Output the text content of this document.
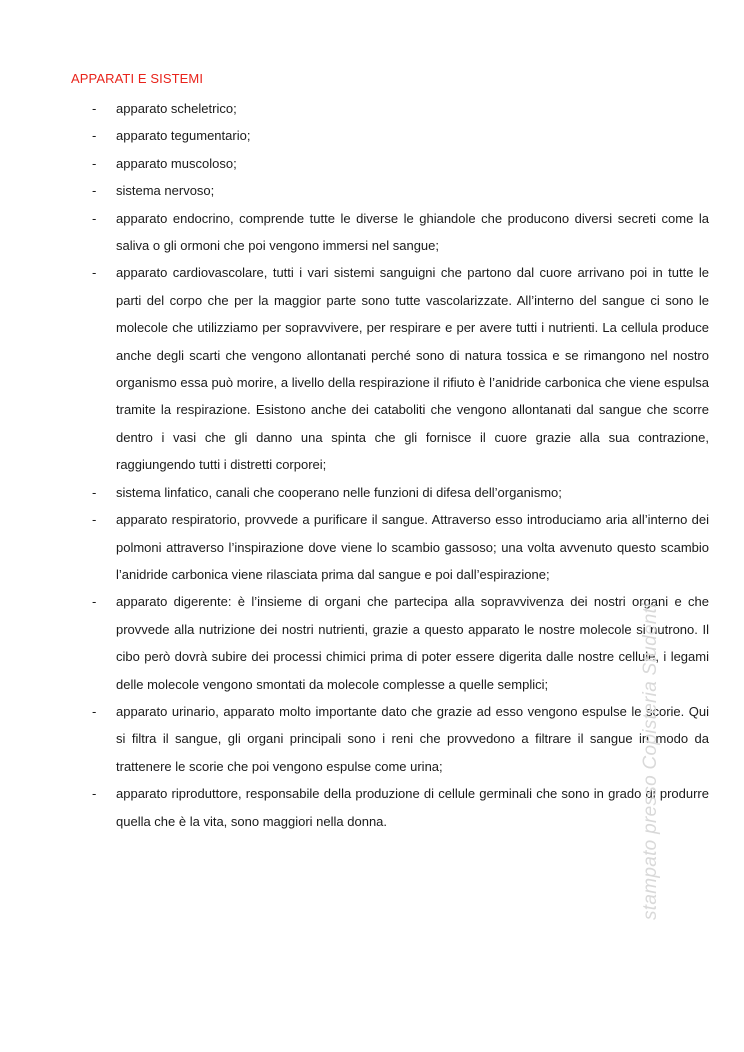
APPARATI E SISTEMI
- apparato scheletrico;
- apparato tegumentario;
- apparato muscoloso;
- sistema nervoso;
- apparato endocrino, comprende tutte le diverse le ghiandole che producono diversi secreti come la saliva o gli ormoni che poi vengono immersi nel sangue;
- apparato cardiovascolare, tutti i vari sistemi sanguigni che partono dal cuore arrivano poi in tutte le parti del corpo che per la maggior parte sono tutte vascolarizzate. All’interno del sangue ci sono le molecole che utilizziamo per sopravvivere, per respirare e per avere tutti i nutrienti. La cellula produce anche degli scarti che vengono allontanati perché sono di natura tossica e se rimangono nel nostro organismo essa può morire, a livello della respirazione il rifiuto è l’anidride carbonica che viene espulsa tramite la respirazione. Esistono anche dei cataboliti che vengono allontanati dal sangue che scorre dentro i vasi che gli danno una spinta che gli fornisce il cuore grazie alla sua contrazione, raggiungendo tutti i distretti corporei;
- sistema linfatico, canali che cooperano nelle funzioni di difesa dell’organismo;
- apparato respiratorio, provvede a purificare il sangue. Attraverso esso introduciamo aria all’interno dei polmoni attraverso l’inspirazione dove viene lo scambio gassoso; una volta avvenuto questo scambio l’anidride carbonica viene rilasciata prima dal sangue e poi dall’espirazione;
- apparato digerente: è l’insieme di organi che partecipa alla sopravvivenza dei nostri organi e che provvede alla nutrizione dei nostri nutrienti, grazie a questo apparato le nostre molecole si nutrono. Il cibo però dovrà subire dei processi chimici prima di poter essere digerita dalle nostre cellule, i legami delle molecole vengono smontati da molecole complesse a quelle semplici;
- apparato urinario, apparato molto importante dato che grazie ad esso vengono espulse le scorie. Qui si filtra il sangue, gli organi principali sono i reni che provvedono a filtrare il sangue in modo da trattenere le scorie che poi vengono espulse come urina;
- apparato riproduttore, responsabile della produzione di cellule germinali che sono in grado di produrre quella che è la vita, sono maggiori nella donna.	stampato presso Copisteria Studenti
